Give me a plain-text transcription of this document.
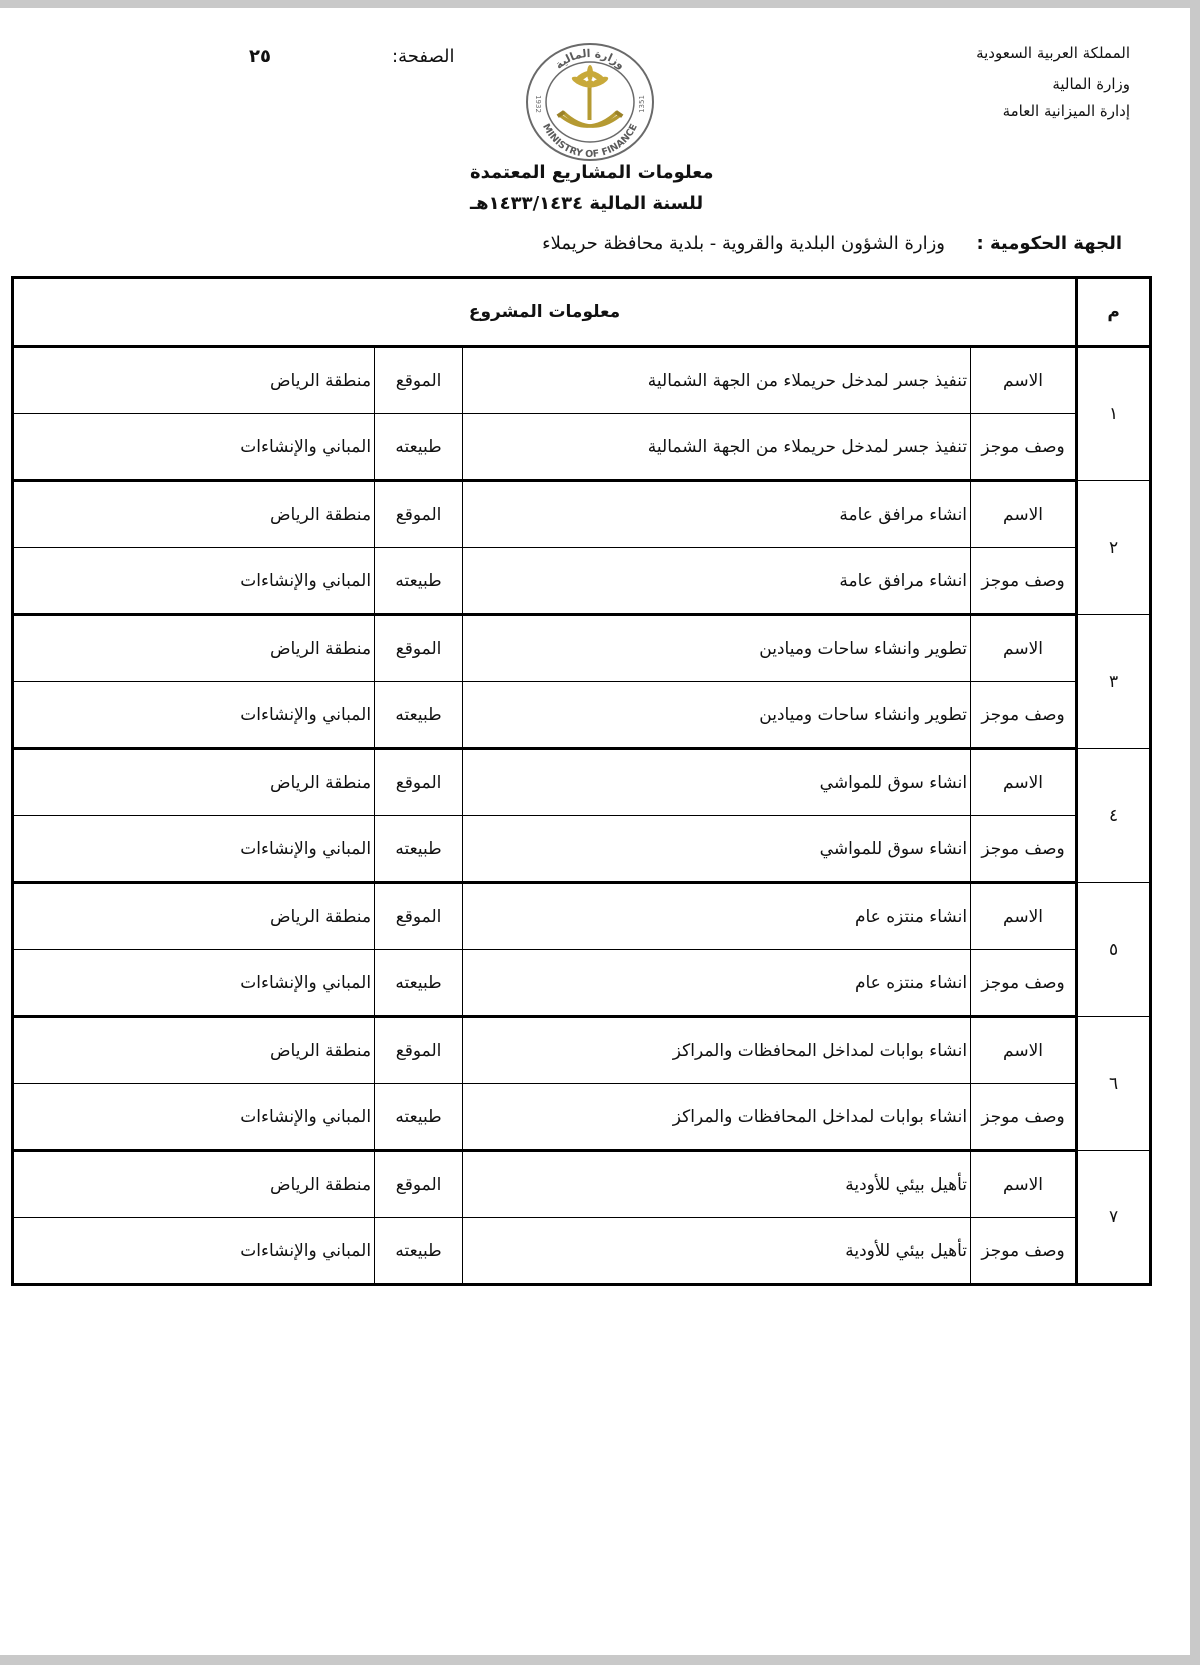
المملكة العربية السعودية
وزارة المالية
إدارة الميزانية العامة
الصفحة:
٢٥	وزارة المالية
MINISTRY OF FINANCE
1932	1351
معلومات المشاريع المعتمدة
للسنة المالية ١٤٣٣/١٤٣٤هـ
الجهة الحكومية :
وزارة الشؤون البلدية والقروية - بلدية محافظة حريملاء
م	معلومات المشروع			
١	الاسم	تنفيذ جسر لمدخل حريملاء من الجهة الشمالية	الموقع	منطقة الرياض
	وصف موجز	تنفيذ جسر لمدخل حريملاء من الجهة الشمالية	طبيعته	المباني والإنشاءات
٢	الاسم	انشاء مرافق عامة	الموقع	منطقة الرياض
	وصف موجز	انشاء مرافق عامة	طبيعته	المباني والإنشاءات
٣	الاسم	تطوير وانشاء ساحات وميادين	الموقع	منطقة الرياض
	وصف موجز	تطوير وانشاء ساحات وميادين	طبيعته	المباني والإنشاءات
٤	الاسم	انشاء سوق للمواشي	الموقع	منطقة الرياض
	وصف موجز	انشاء سوق للمواشي	طبيعته	المباني والإنشاءات
٥	الاسم	انشاء منتزه عام	الموقع	منطقة الرياض
	وصف موجز	انشاء منتزه عام	طبيعته	المباني والإنشاءات
٦	الاسم	انشاء بوابات لمداخل المحافظات والمراكز	الموقع	منطقة الرياض
	وصف موجز	انشاء بوابات لمداخل المحافظات والمراكز	طبيعته	المباني والإنشاءات
٧	الاسم	تأهيل بيئي للأودية	الموقع	منطقة الرياض
	وصف موجز	تأهيل بيئي للأودية	طبيعته	المباني والإنشاءات
